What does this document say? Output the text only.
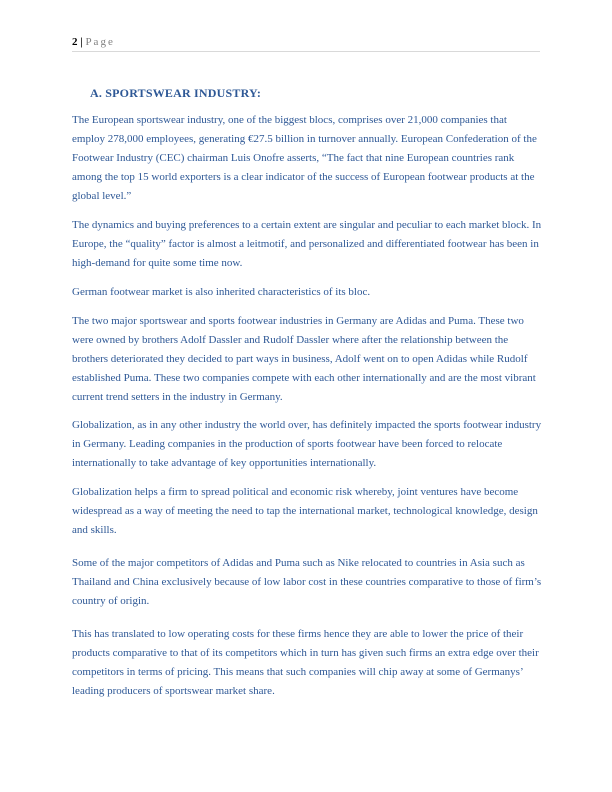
2 | Page
A. SPORTSWEAR INDUSTRY:

The European sportswear industry, one of the biggest blocs, comprises over 21,000 companies that employ 278,000 employees, generating €27.5 billion in turnover annually. European Confederation of the Footwear Industry (CEC) chairman Luis Onofre asserts, “The fact that nine European countries rank among the top 15 world exporters is a clear indicator of the success of European footwear products at the global level.”

The dynamics and buying preferences to a certain extent are singular and peculiar to each market block. In Europe, the “quality” factor is almost a leitmotif, and personalized and differentiated footwear has been in high-demand for quite some time now.

German footwear market is also inherited characteristics of its bloc.

The two major sportswear and sports footwear industries in Germany are Adidas and Puma. These two were owned by brothers Adolf Dassler and Rudolf Dassler where after the relationship between the brothers deteriorated they decided to part ways in business, Adolf went on to open Adidas while Rudolf established Puma. These two companies compete with each other internationally and are the most vibrant current trend setters in the industry in Germany.

Globalization, as in any other industry the world over, has definitely impacted the sports footwear industry in Germany. Leading companies in the production of sports footwear have been forced to relocate internationally to take advantage of key opportunities internationally.

Globalization helps a firm to spread political and economic risk whereby, joint ventures have become widespread as a way of meeting the need to tap the international market, technological knowledge, design and skills.

Some of the major competitors of Adidas and Puma such as Nike relocated to countries in Asia such as Thailand and China exclusively because of low labor cost in these countries comparative to those of firm’s country of origin.

This has translated to low operating costs for these firms hence they are able to lower the price of their products comparative to that of its competitors which in turn has given such firms an extra edge over their competitors in terms of pricing. This means that such companies will chip away at some of Germanys’ leading producers of sportswear market share.
